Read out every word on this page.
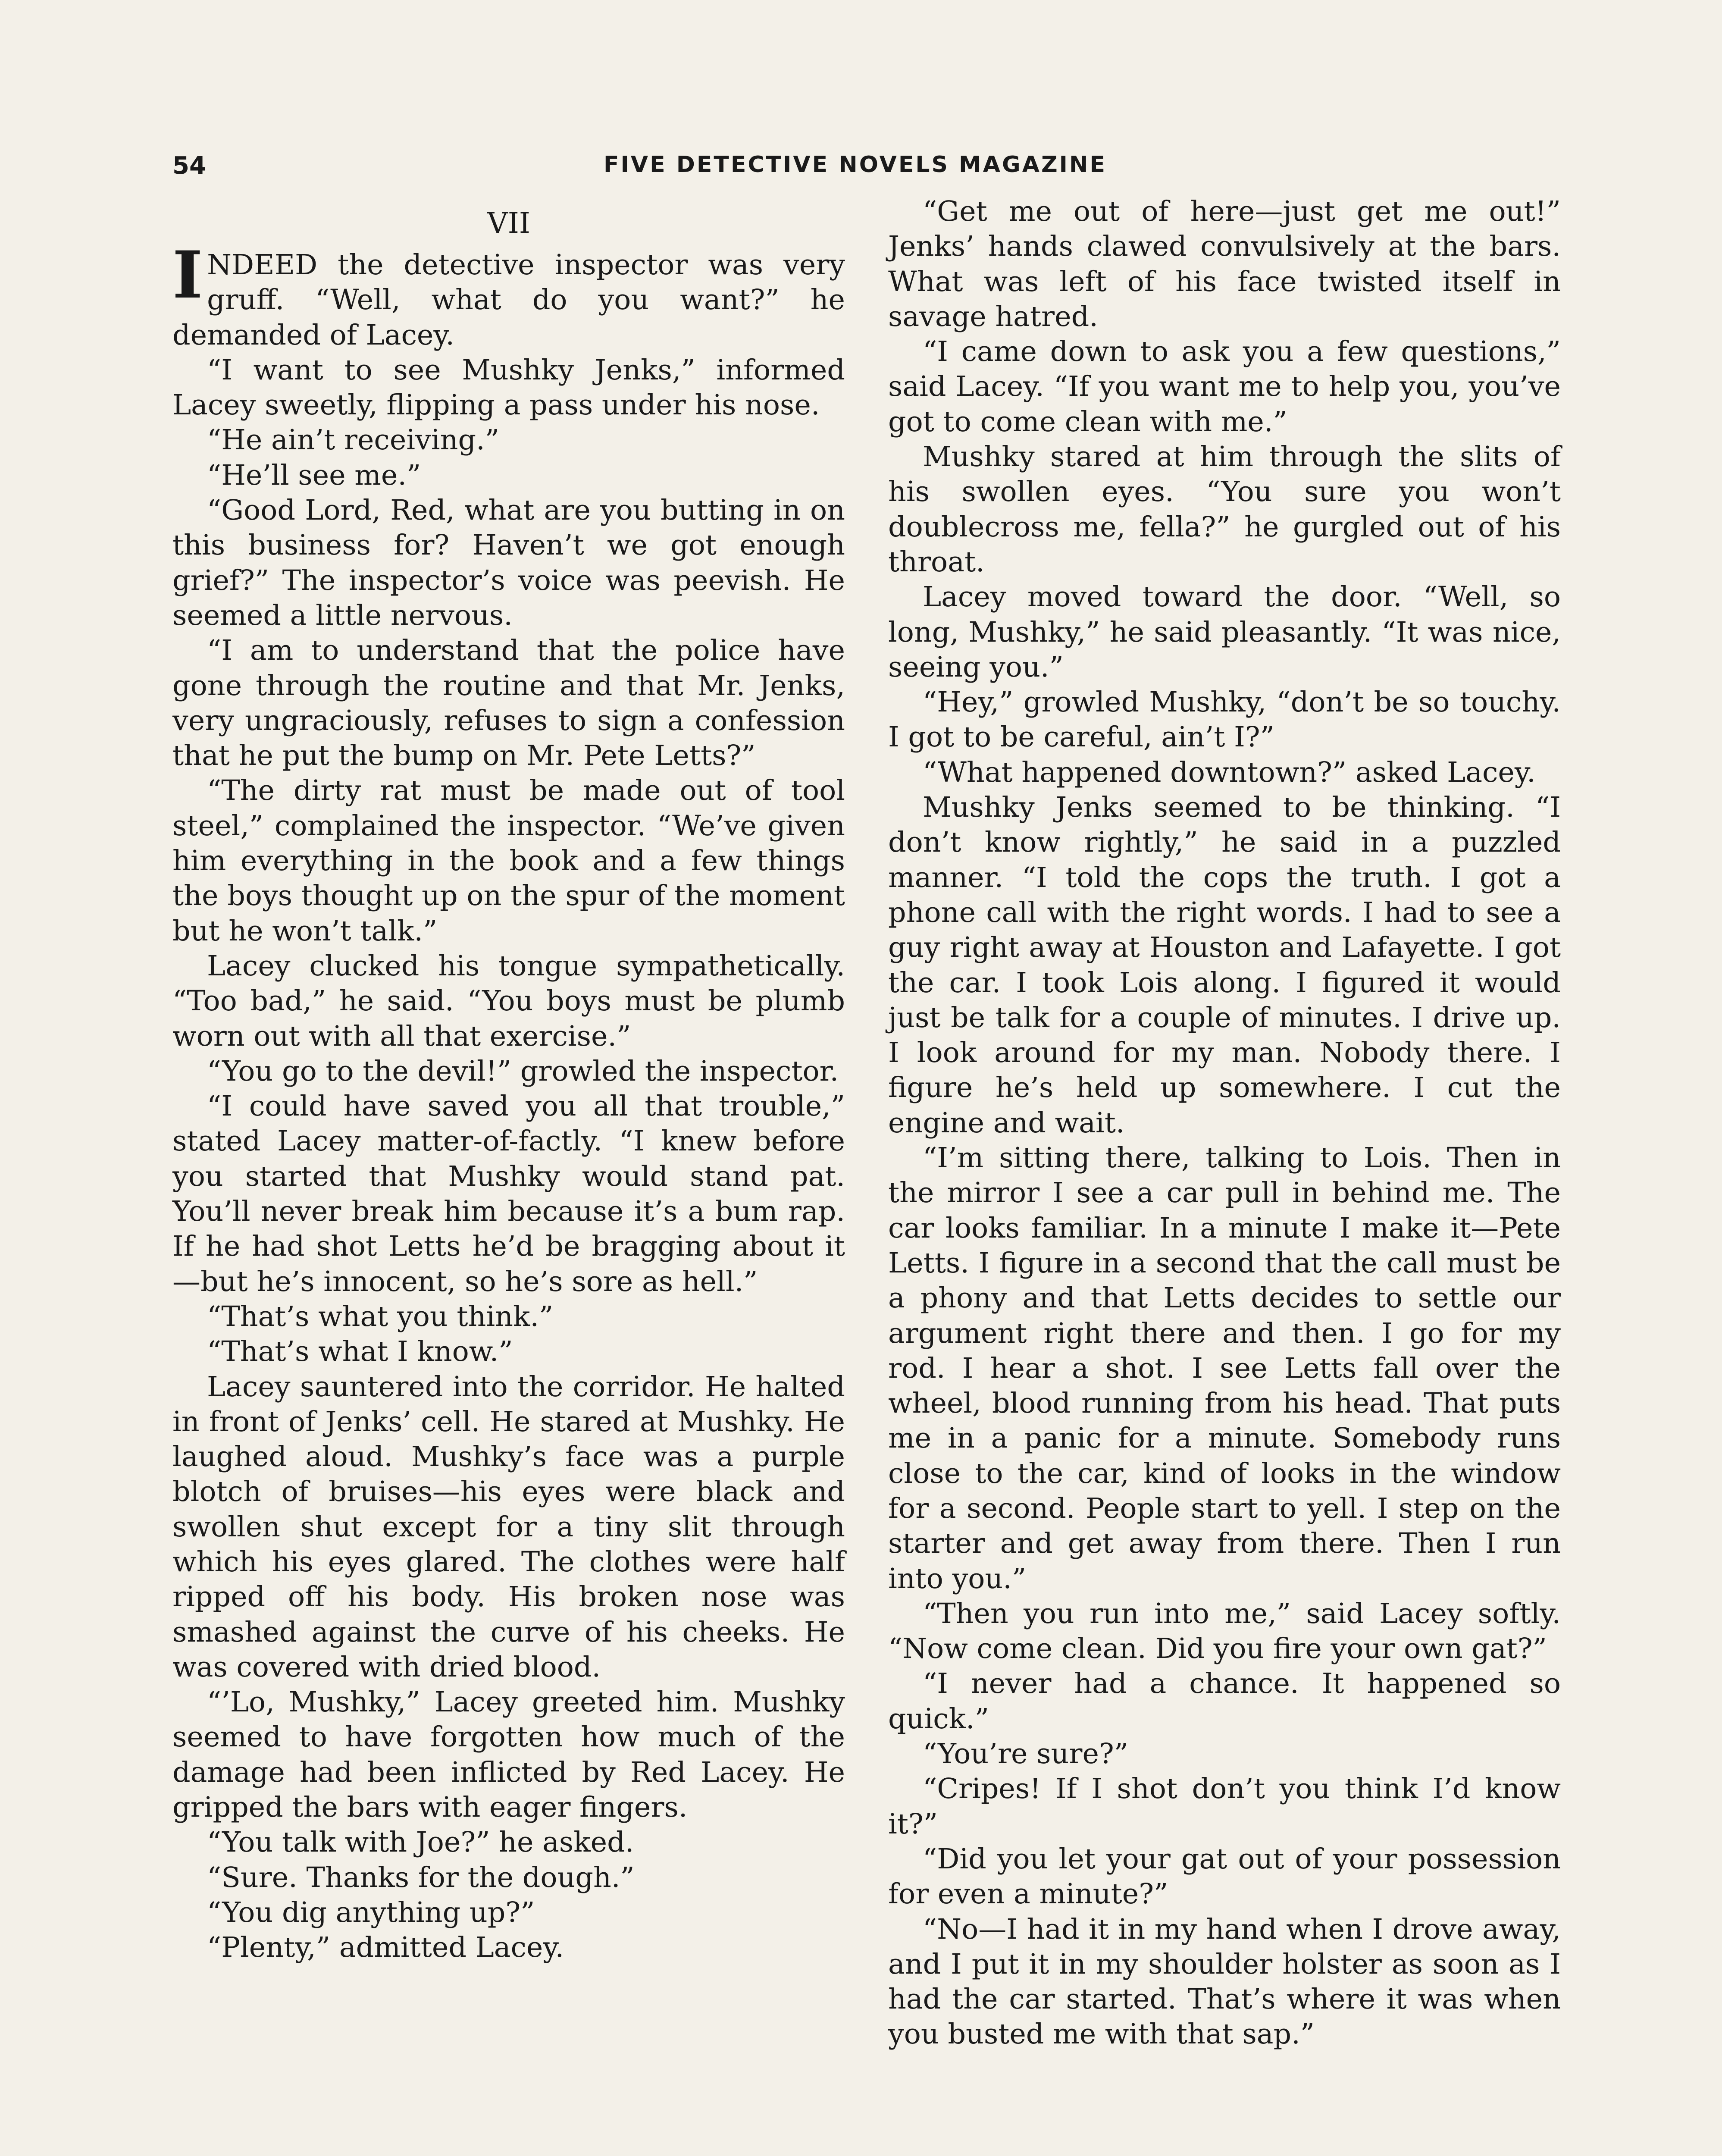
54	FIVE DETECTIVE NOVELS MAGAZINE
VII
I NDEED the detective inspector was very gruff. “Well, what do you want?” he demanded of Lacey.

“I want to see Mushky Jenks,” informed Lacey sweetly, flipping a pass under his nose.

“He ain’t receiving.”

“He’ll see me.”

“Good Lord, Red, what are you butting in on this business for? Haven’t we got enough grief?” The inspector’s voice was peevish. He seemed a little nervous.

“I am to understand that the police have gone through the routine and that Mr. Jenks, very ungraciously, refuses to sign a confession that he put the bump on Mr. Pete Letts?”

“The dirty rat must be made out of tool steel,” complained the inspector. “We’ve given him everything in the book and a few things the boys thought up on the spur of the moment but he won’t talk.”

Lacey clucked his tongue sympathetically. “Too bad,” he said. “You boys must be plumb worn out with all that exercise.”

“You go to the devil!” growled the inspector.

“I could have saved you all that trouble,” stated Lacey matter-of-factly. “I knew before you started that Mushky would stand pat. You’ll never break him because it’s a bum rap. If he had shot Letts he’d be bragging about it—but he’s innocent, so he’s sore as hell.”

“That’s what you think.”

“That’s what I know.”

Lacey sauntered into the corridor. He halted in front of Jenks’ cell. He stared at Mushky. He laughed aloud. Mushky’s face was a purple blotch of bruises—his eyes were black and swollen shut except for a tiny slit through which his eyes glared. The clothes were half ripped off his body. His broken nose was smashed against the curve of his cheeks. He was covered with dried blood.

“’Lo, Mushky,” Lacey greeted him. Mushky seemed to have forgotten how much of the damage had been inflicted by Red Lacey. He gripped the bars with eager fingers.

“You talk with Joe?” he asked.

“Sure. Thanks for the dough.”

“You dig anything up?”

“Plenty,” admitted Lacey.

“Get me out of here—just get me out!” Jenks’ hands clawed convulsively at the bars. What was left of his face twisted itself in savage hatred.

“I came down to ask you a few questions,” said Lacey. “If you want me to help you, you’ve got to come clean with me.”

Mushky stared at him through the slits of his swollen eyes. “You sure you won’t doublecross me, fella?” he gurgled out of his throat.

Lacey moved toward the door. “Well, so long, Mushky,” he said pleasantly. “It was nice, seeing you.”

“Hey,” growled Mushky, “don’t be so touchy. I got to be careful, ain’t I?”

“What happened downtown?” asked Lacey.

Mushky Jenks seemed to be thinking. “I don’t know rightly,” he said in a puzzled manner. “I told the cops the truth. I got a phone call with the right words. I had to see a guy right away at Houston and Lafayette. I got the car. I took Lois along. I figured it would just be talk for a couple of minutes. I drive up. I look around for my man. Nobody there. I figure he’s held up somewhere. I cut the engine and wait.

“I’m sitting there, talking to Lois. Then in the mirror I see a car pull in behind me. The car looks familiar. In a minute I make it—Pete Letts. I figure in a second that the call must be a phony and that Letts decides to settle our argument right there and then. I go for my rod. I hear a shot. I see Letts fall over the wheel, blood running from his head. That puts me in a panic for a minute. Somebody runs close to the car, kind of looks in the window for a second. People start to yell. I step on the starter and get away from there. Then I run into you.”

“Then you run into me,” said Lacey softly. “Now come clean. Did you fire your own gat?”

“I never had a chance. It happened so quick.”

“You’re sure?”

“Cripes! If I shot don’t you think I’d know it?”

“Did you let your gat out of your possession for even a minute?”

“No—I had it in my hand when I drove away, and I put it in my shoulder holster as soon as I had the car started. That’s where it was when you busted me with that sap.”
